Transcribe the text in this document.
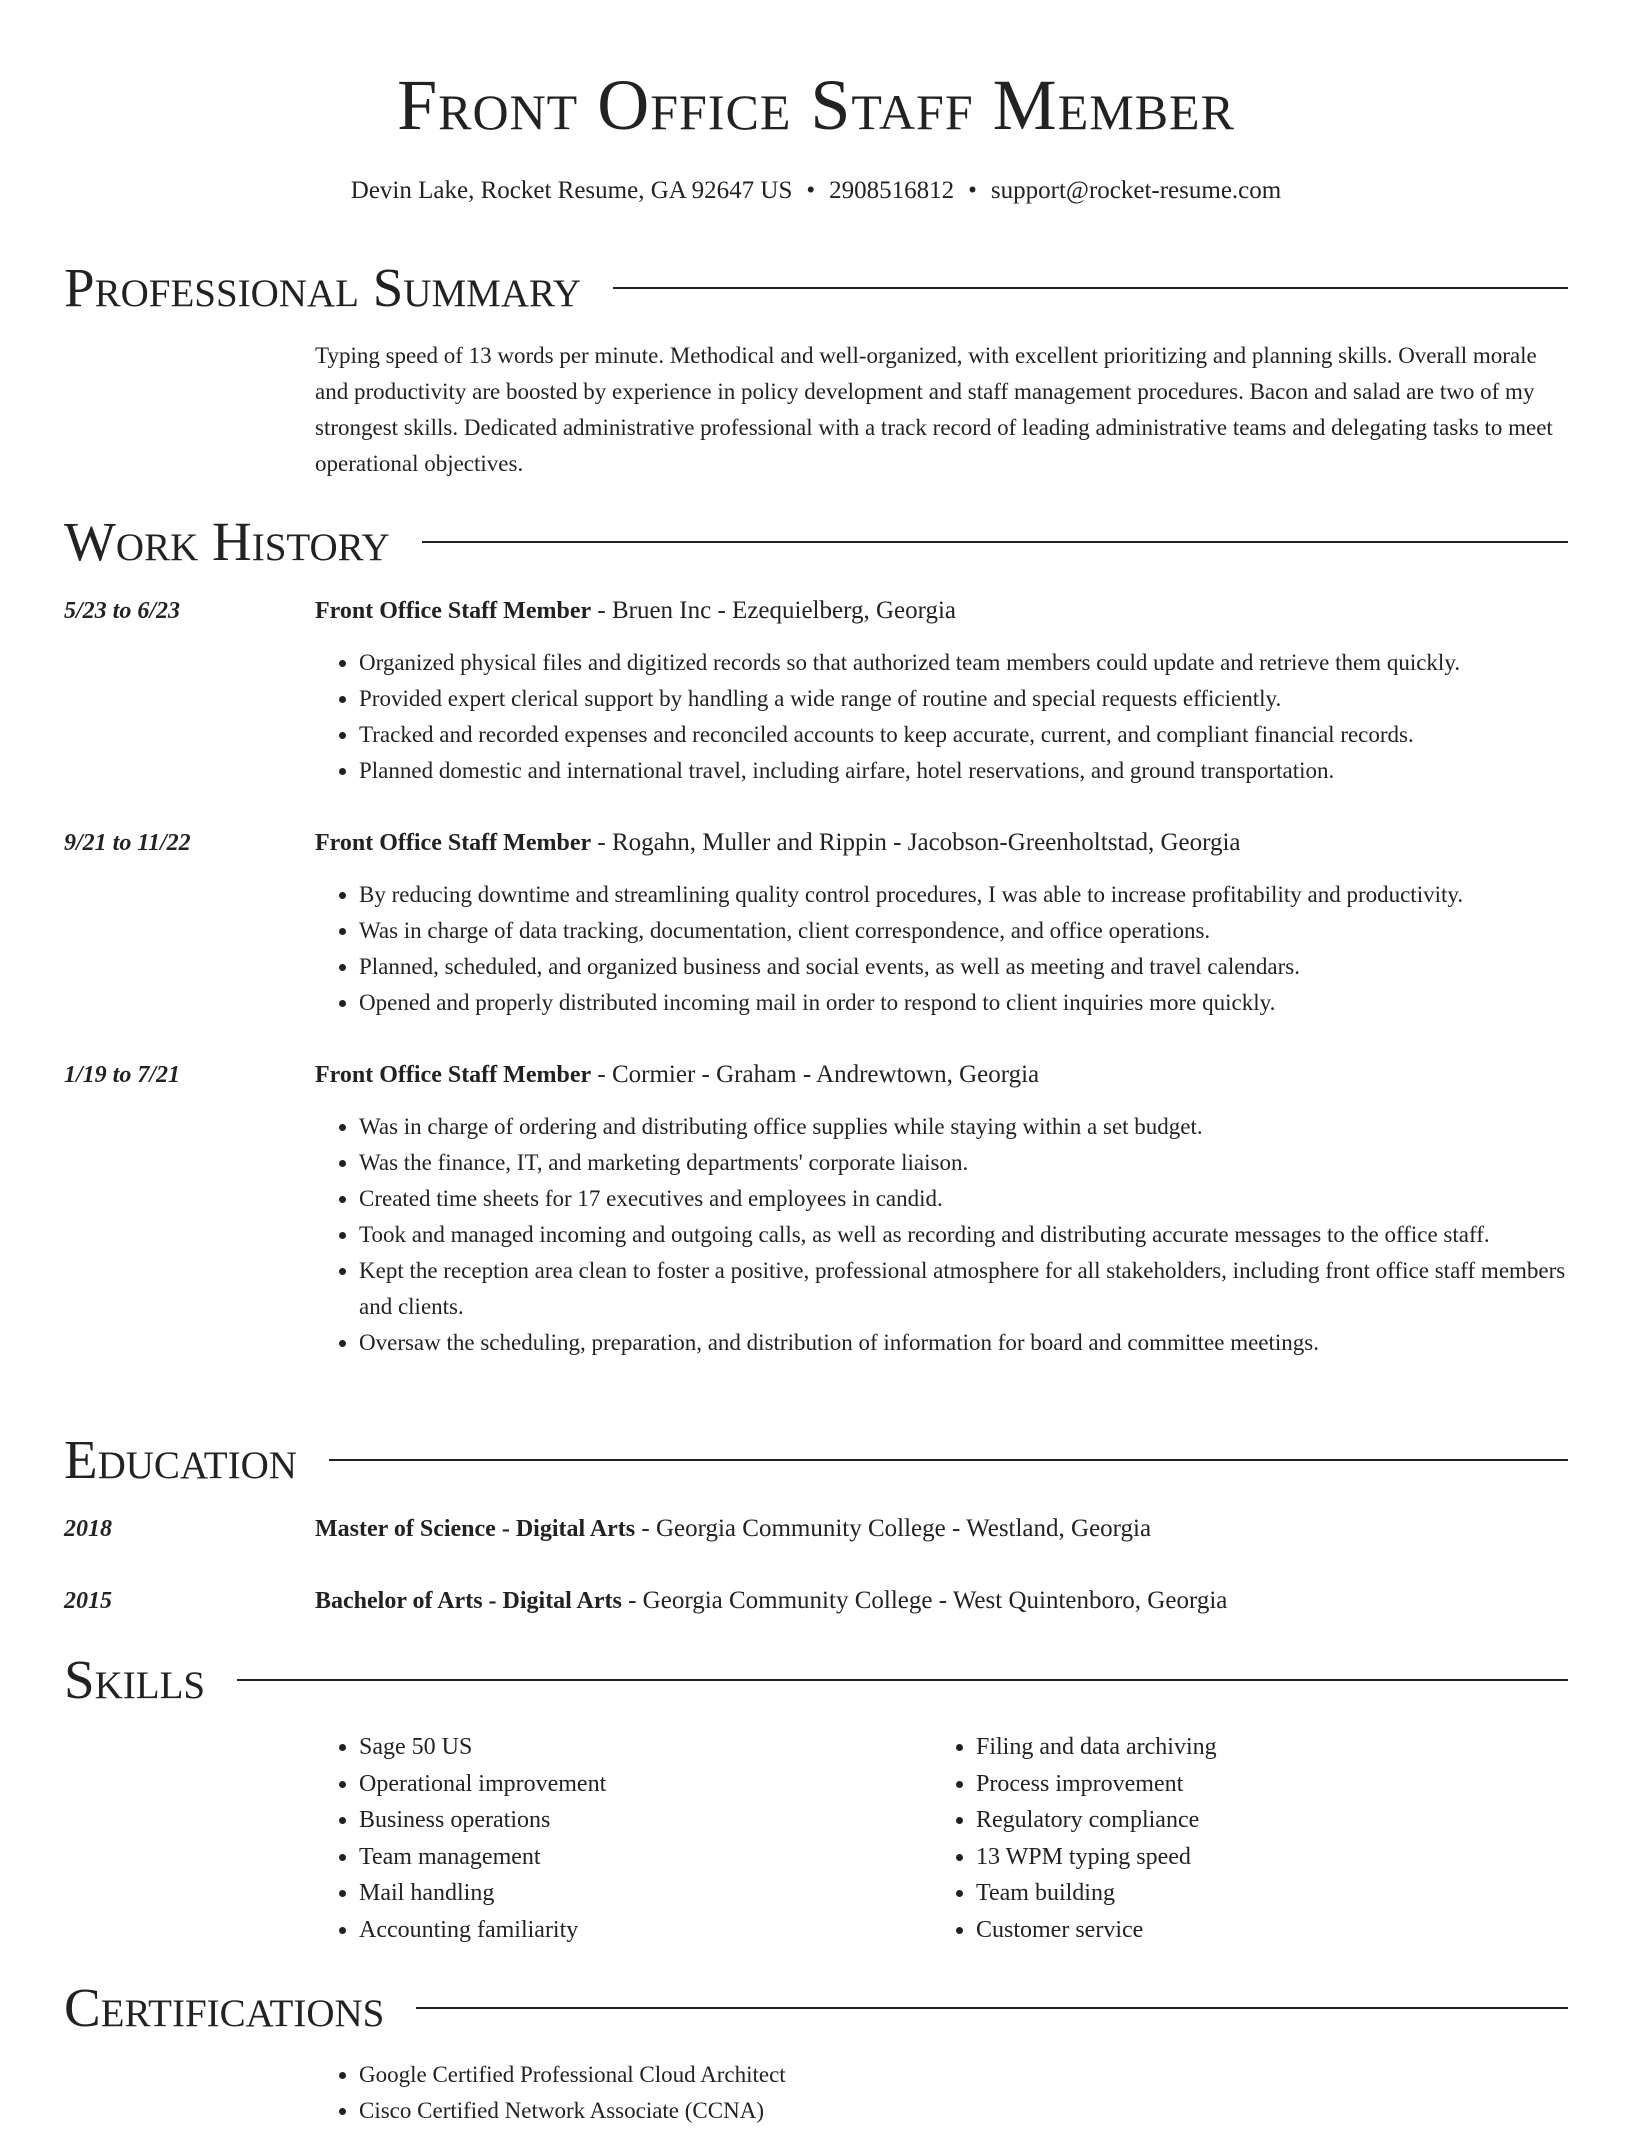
Front Office Staff Member
Devin Lake, Rocket Resume, GA 92647 US • 2908516812 • support@rocket-resume.com
Professional Summary
Typing speed of 13 words per minute. Methodical and well-organized, with excellent prioritizing and planning skills. Overall morale and productivity are boosted by experience in policy development and staff management procedures. Bacon and salad are two of my strongest skills. Dedicated administrative professional with a track record of leading administrative teams and delegating tasks to meet operational objectives.
Work History
5/23 to 6/23	Front Office Staff Member - Bruen Inc - Ezequielberg, Georgia
• Organized physical files and digitized records so that authorized team members could update and retrieve them quickly.
• Provided expert clerical support by handling a wide range of routine and special requests efficiently.
• Tracked and recorded expenses and reconciled accounts to keep accurate, current, and compliant financial records.
• Planned domestic and international travel, including airfare, hotel reservations, and ground transportation.
9/21 to 11/22	Front Office Staff Member - Rogahn, Muller and Rippin - Jacobson-Greenholtstad, Georgia
• By reducing downtime and streamlining quality control procedures, I was able to increase profitability and productivity.
• Was in charge of data tracking, documentation, client correspondence, and office operations.
• Planned, scheduled, and organized business and social events, as well as meeting and travel calendars.
• Opened and properly distributed incoming mail in order to respond to client inquiries more quickly.
1/19 to 7/21	Front Office Staff Member - Cormier - Graham - Andrewtown, Georgia
• Was in charge of ordering and distributing office supplies while staying within a set budget.
• Was the finance, IT, and marketing departments' corporate liaison.
• Created time sheets for 17 executives and employees in candid.
• Took and managed incoming and outgoing calls, as well as recording and distributing accurate messages to the office staff.
• Kept the reception area clean to foster a positive, professional atmosphere for all stakeholders, including front office staff members and clients.
• Oversaw the scheduling, preparation, and distribution of information for board and committee meetings.
Education
2018	Master of Science - Digital Arts - Georgia Community College - Westland, Georgia
2015	Bachelor of Arts - Digital Arts - Georgia Community College - West Quintenboro, Georgia
Skills
• Sage 50 US
• Operational improvement
• Business operations
• Team management
• Mail handling
• Accounting familiarity
• Filing and data archiving
• Process improvement
• Regulatory compliance
• 13 WPM typing speed
• Team building
• Customer service
Certifications
• Google Certified Professional Cloud Architect
• Cisco Certified Network Associate (CCNA)
